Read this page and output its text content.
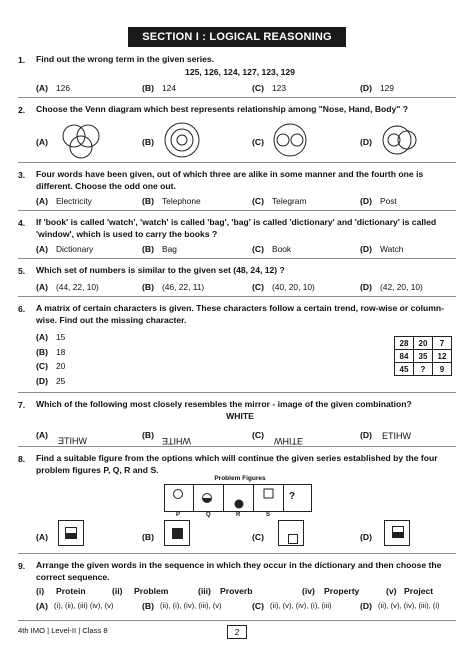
SECTION I : LOGICAL REASONING
1. Find out the wrong term in the given series.
125, 126, 124, 127, 123, 129
(A) 126	(B) 124	(C) 123	(D) 129
2. Choose the Venn diagram which best represents relationship among "Nose, Hand, Body" ?
(A)	(B)	(C)	(D)
3. Four words have been given, out of which three are alike in some manner and the fourth one is
different. Choose the odd one out.
(A) Electricity	(B) Telephone	(C) Telegram	(D) Post
4. If 'book' is called 'watch', 'watch' is called 'bag', 'bag' is called 'dictionary' and 'dictionary' is called
'window', which is used to carry the books ?
(A) Dictionary	(B) Bag	(C) Book	(D) Watch
5. Which set of numbers is similar to the given set (48, 24, 12) ?
(A) (44, 22, 10)	(B) (46, 22, 11)	(C) (40, 20, 10)	(D) (42, 20, 10)
6. A matrix of certain characters is given. These characters follow a certain trend, row-wise or column-
wise. Find out the missing character.
(A) 15
(B) 18
(C) 20
(D) 25
28	20	7
84	35	12
45	?	9
7. Which of the following most closely resembles the mirror - image of the given combination?
WHITE
(A)
WHITE
(B)
WHITE
(C)
WHITE
(D) ETIHW
8. Find a suitable figure from the options which will continue the given series established by the four
problem figures P, Q, R and S.
Problem Figures
?
P	Q	R	S
(A)	(B)	(C)	(D)
9. Arrange the given words in the sequence in which they occur in the dictionary and then choose the
correct sequence.
(i) Protein	(ii) Problem	(iii) Proverb	(iv) Property	(v) Project
(A) (i), (ii), (iii) (iv), (v)	(B) (ii), (i), (iv), (iii), (v)	(C) (ii), (v), (iv), (i), (iii)	(D) (ii), (v), (iv), (iii), (i)
4th IMO | Level-II | Class 8	2
